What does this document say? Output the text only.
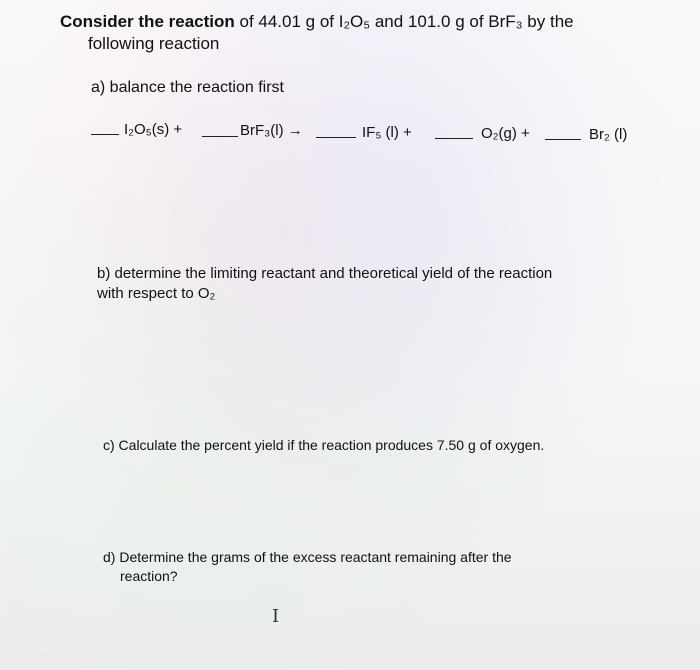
Consider the reaction of 44.01 g of I₂O₅ and 101.0 g of BrF₃ by the
following reaction
a) balance the reaction first
I₂O₅(s) +	BrF₃(l) →	IF₅ (l) +	O₂(g) +	Br₂ (l)
b) determine the limiting reactant and theoretical yield of the reaction
with respect to O₂
c) Calculate the percent yield if the reaction produces 7.50 g of oxygen.
d) Determine the grams of the excess reactant remaining after the
reaction?
I
